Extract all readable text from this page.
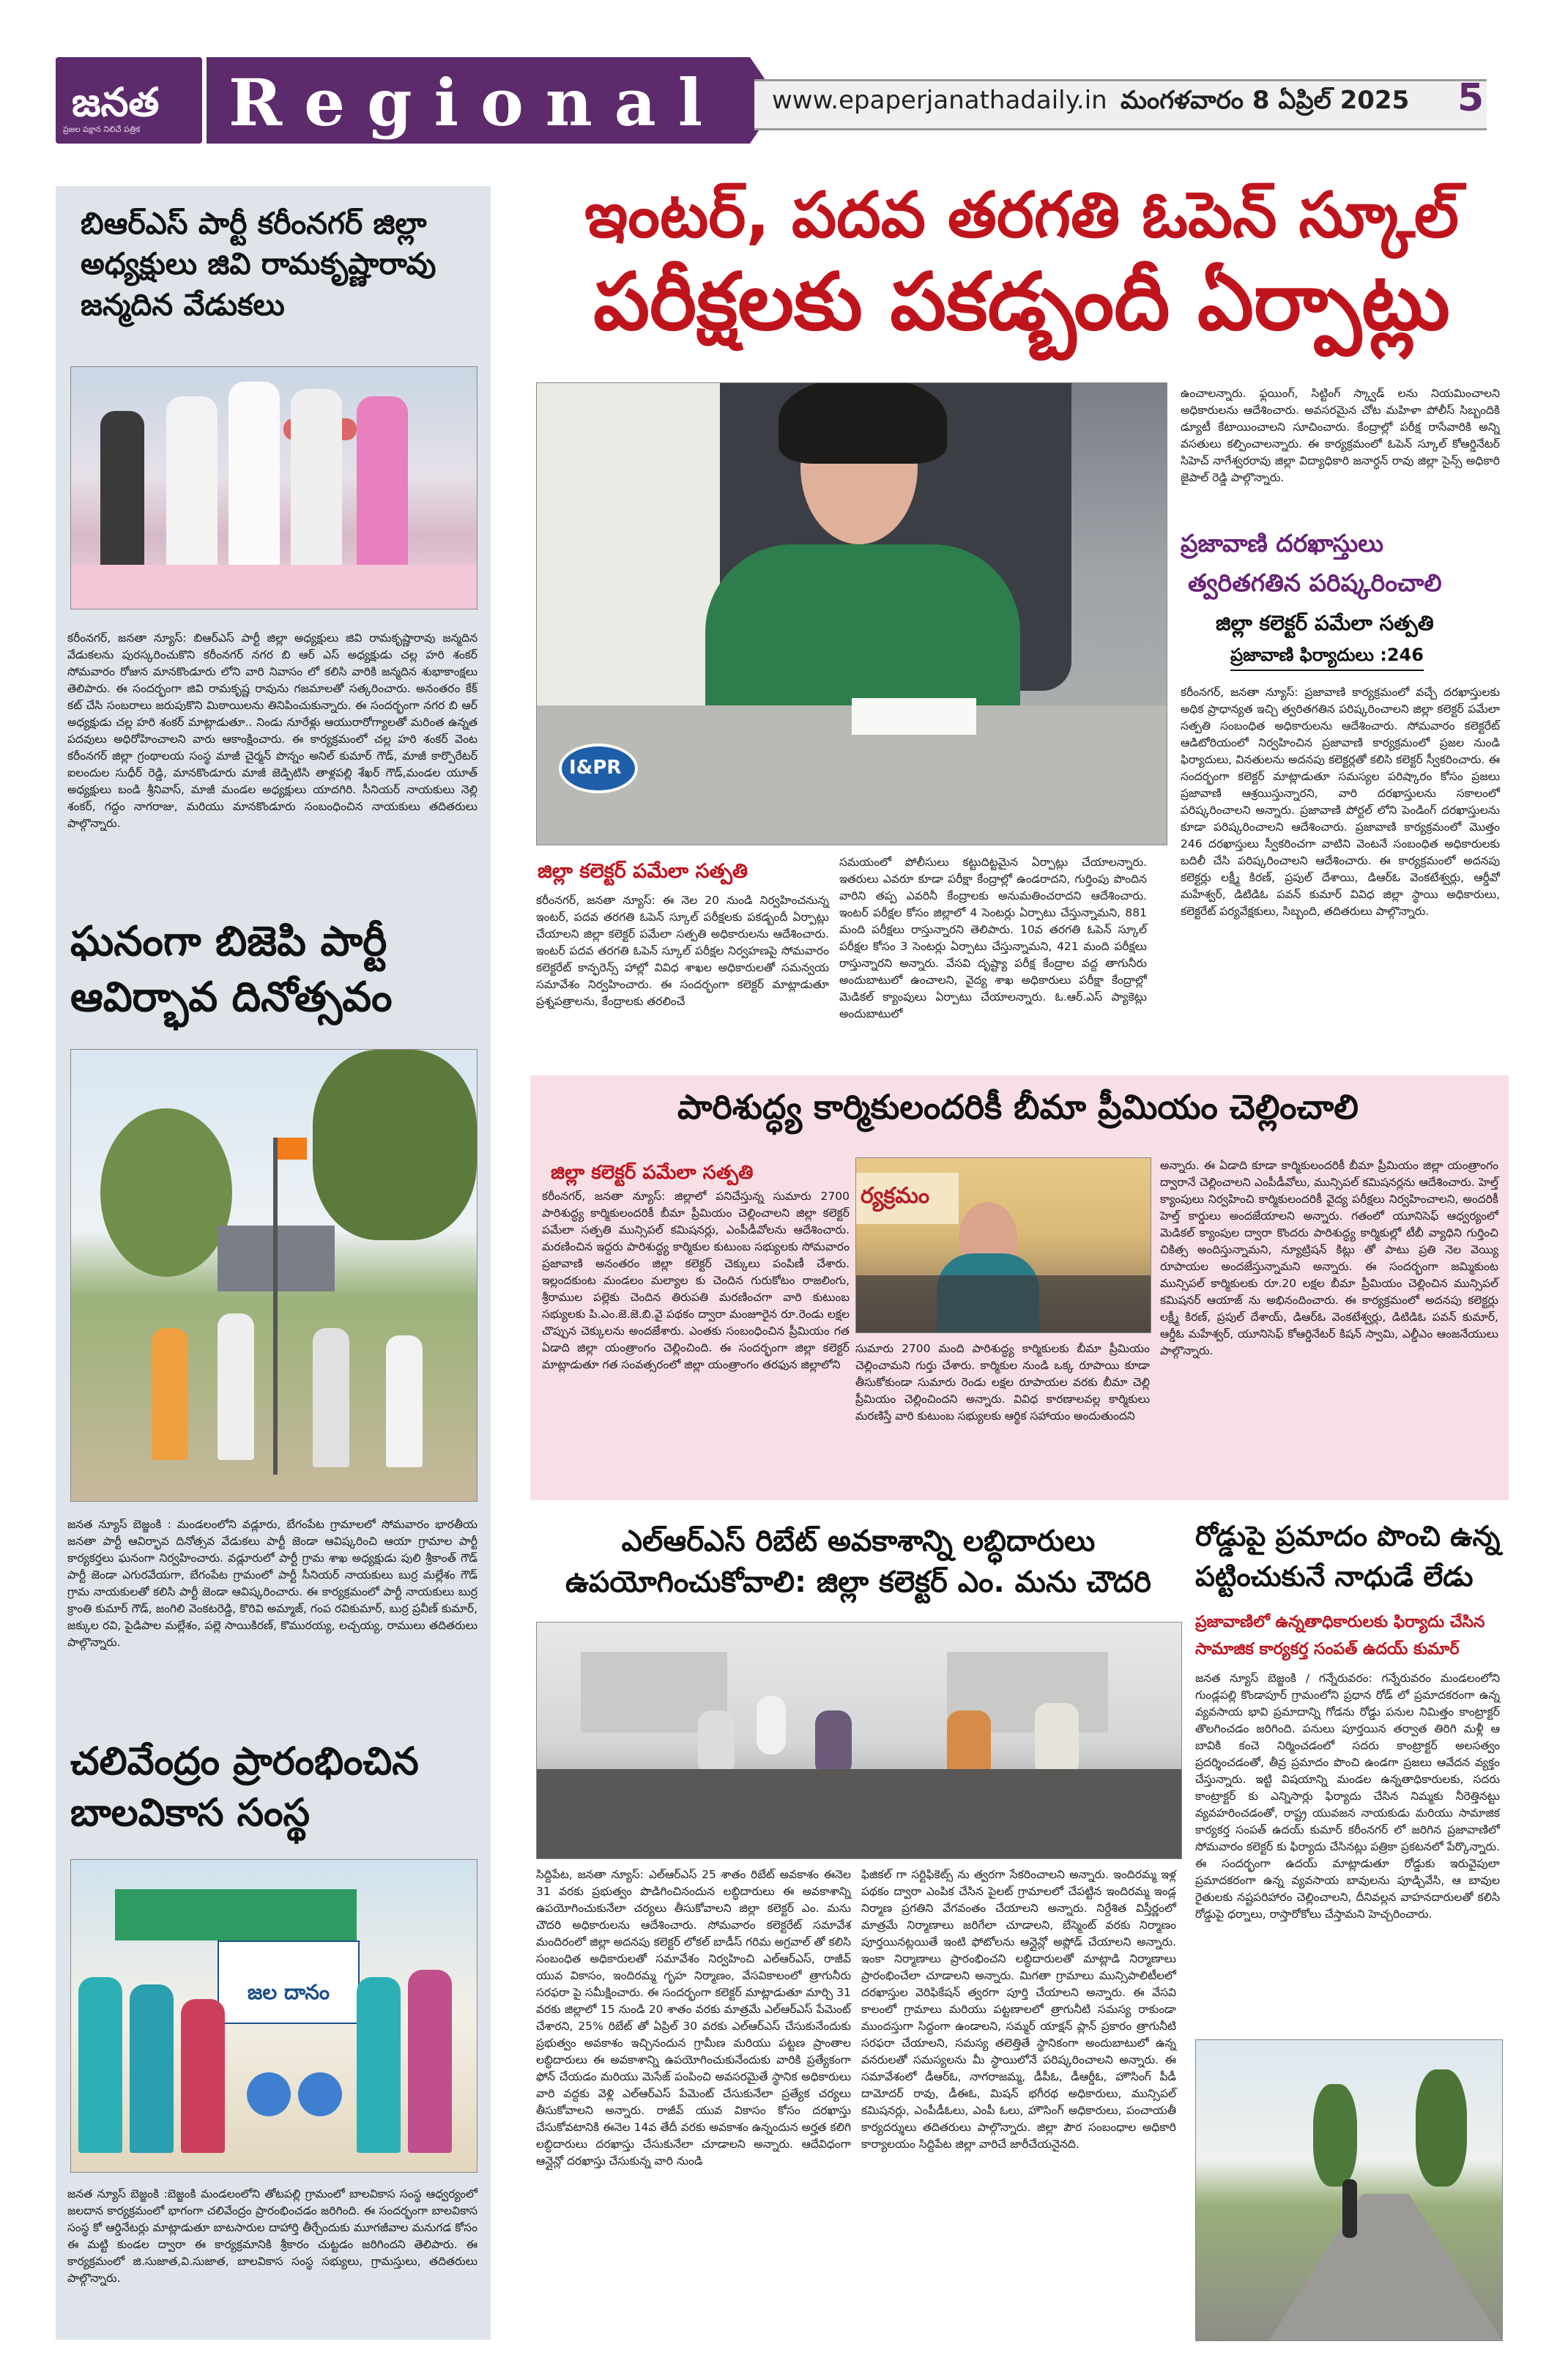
జనత
ప్రజల పక్షాన నిలిచే పత్రిక Regional www.epaperjanathadaily.in మంగళవారం 8 ఏప్రిల్ 2025 5
బిఆర్ఎస్ పార్టీ కరీంనగర్ జిల్లా అధ్యక్షులు జివి రామకృష్ణారావు జన్మదిన వేడుకలు
కరీంనగర్, జనతా న్యూస్: బిఆర్ఎస్ పార్టీ జిల్లా అధ్యక్షులు జివి రామకృష్ణారావు జన్మదిన వేడుకలను పురస్కరించుకొని కరీంనగర్ నగర బి ఆర్ ఎస్ అధ్యక్షుడు చల్ల హరి శంకర్ సోమవారం రోజున మానకొండూరు లోని వారి నివాసం లో కలిసి వారికి జన్మదిన శుభాకాంక్షలు తెలిపారు. ఈ సందర్భంగా జివి రామకృష్ణ రావును గజమాలతో సత్కరించారు. అనంతరం కేక్ కట్ చేసి సంబరాలు జరుపుకొని మిఠాయిలను తినిపించుకున్నారు. ఈ సందర్భంగా నగర బి ఆర్ అధ్యక్షుడు చల్ల హరి శంకర్ మాట్లాడుతూ.. నిండు నూరేళ్లు ఆయురారోగ్యాలతో మరింత ఉన్నత పదవులు అధిరోహించాలని వారు ఆకాంక్షించారు. ఈ కార్యక్రమంలో చల్ల హరి శంకర్ వెంట కరీంనగర్ జిల్లా గ్రంథాలయ సంస్థ మాజీ చైర్మన్ పొన్నం అనిల్ కుమార్ గౌడ్, మాజీ కార్పొరేటర్ ఐలందుల సుధీర్ రెడ్డి, మానకొండూరు మాజీ జెడ్పిటిసి తాళ్లపల్లి శేఖర్ గౌడ్,మండల యూత్ అధ్యక్షులు బండి శ్రీనివాస్, మాజీ మండల అధ్యక్షులు యాదగిరి. సీనియర్ నాయకులు నెల్లి శంకర్, గద్దం నాగరాజు, మరియు మానకొండూరు సంబంధించిన నాయకులు తదితరులు పాల్గొన్నారు.
ఘనంగా బిజెపి పార్టీ ఆవిర్భావ దినోత్సవం
జనత న్యూస్ బెజ్జంకి : మండలంలోని వడ్లూరు, బేగంపేట గ్రామాలలో సోమవారం భారతీయ జనతా పార్టీ ఆవిర్భావ దినోత్సవ వేడుకలు పార్టీ జెండా ఆవిష్కరించి ఆయా గ్రామాల పార్టీ కార్యకర్తలు ఘనంగా నిర్వహించారు. వడ్లూరులో పార్టీ గ్రామ శాఖ అధ్యక్షుడు పులి శ్రీకాంత్ గౌడ్ పార్టీ జెండా ఎగురవేయగా, బేగంపేట గ్రామంలో పార్టీ సీనియర్ నాయకులు బుర్ర మల్లేశం గౌడ్ గ్రామ నాయకులతో కలిసి పార్టీ జెండా ఆవిష్కరించారు. ఈ కార్యక్రమంలో పార్టీ నాయకులు బుర్ర క్రాంతి కుమార్ గౌడ్, జంగిలి వెంకటరెడ్డి, కొరివి అమ్మాజ్, గంప రవికుమార్, బుర్ర ప్రవీణ్ కుమార్, జక్కుల రవి, పైడిపాల మల్లేశం, పల్లె సాయికిరణ్, కొమురయ్య, లచ్చయ్య, రాములు తదితరులు పాల్గొన్నారు.
చలివేంద్రం ప్రారంభించిన బాలవికాస సంస్థ
జల దానం
జనత న్యూస్ బెజ్జంకి :బెజ్జంకి మండలంలోని తోటపల్లి గ్రామంలో బాలవికాస సంస్థ ఆధ్వర్యంలో జలదాన కార్యక్రమంలో భాగంగా చలివేంద్రం ప్రారంభించడం జరిగింది. ఈ సందర్భంగా బాలవికాస సంస్థ కో ఆర్డినేటర్లు మాట్లాడుతూ బాటసారుల దాహార్తి తీర్చేందుకు మూగజీవాల మనుగడ కోసం ఈ మట్టి కుండల ద్వారా ఈ కార్యక్రమానికి శ్రీకారం చుట్టడం జరిగిందని తెలిపారు. ఈ కార్యక్రమంలో జి.సుజాత,వి.సుజాత, బాలవికాస సంస్థ సభ్యులు, గ్రామస్తులు, తదితరులు పాల్గొన్నారు.
ఇంటర్, పదవ తరగతి ఓపెన్ స్కూల్
పరీక్షలకు పకడ్బందీ ఏర్పాట్లు
I&PR
జిల్లా కలెక్టర్ పమేలా సత్పతి
కరీంనగర్, జనతా న్యూస్: ఈ నెల 20 నుండి నిర్వహించనున్న ఇంటర్, పదవ తరగతి ఓపెన్ స్కూల్ పరీక్షలకు పకడ్బందీ ఏర్పాట్లు చేయాలని జిల్లా కలెక్టర్ పమేలా సత్పతి అధికారులను ఆదేశించారు. ఇంటర్ పదవ తరగతి ఓపెన్ స్కూల్ పరీక్షల నిర్వహణపై సోమవారం కలెక్టరేట్ కాన్ఫరెన్స్ హాల్లో వివిధ శాఖల అధికారులతో సమన్వయ సమావేశం నిర్వహించారు. ఈ సందర్భంగా కలెక్టర్ మాట్లాడుతూ ప్రశ్నపత్రాలను, కేంద్రాలకు తరలించే
సమయంలో పోలీసులు కట్టుదిట్టమైన ఏర్పాట్లు చేయాలన్నారు. ఇతరులు ఎవరూ కూడా పరీక్షా కేంద్రాల్లో ఉండరాదని, గుర్తింపు పొందిన వారిని తప్ప ఎవరినీ కేంద్రాలకు అనుమతించరాదని ఆదేశించారు. ఇంటర్ పరీక్షల కోసం జిల్లాలో 4 సెంటర్లు ఏర్పాటు చేస్తున్నామని, 881 మంది పరీక్షలు రాస్తున్నారని తెలిపారు. 10వ తరగతి ఓపెన్ స్కూల్ పరీక్షల కోసం 3 సెంటర్లు ఏర్పాటు చేస్తున్నామని, 421 మంది పరీక్షలు రాస్తున్నారని అన్నారు. వేసవి దృష్ట్యా పరీక్ష కేంద్రాల వద్ద తాగునీరు అందుబాటులో ఉంచాలని, వైద్య శాఖ అధికారులు పరీక్షా కేంద్రాల్లో మెడికల్ క్యాంపులు ఏర్పాటు చేయాలన్నారు. ఓ.ఆర్.ఎస్ ప్యాకెట్లు అందుబాటులో
ఉంచాలన్నారు. ఫ్లయింగ్, సిట్టింగ్ స్క్వాడ్ లను నియమించాలని అధికారులను ఆదేశించారు. అవసరమైన చోట మహిళా పోలీస్ సిబ్బందికి డ్యూటీ కేటాయించాలని సూచించారు. కేంద్రాల్లో పరీక్ష రాసేవారికి అన్ని వసతులు కల్పించాలన్నారు. ఈ కార్యక్రమంలో ఓపెన్ స్కూల్ కోఆర్డినేటర్ సిహెచ్ నాగేశ్వరరావు జిల్లా విద్యాధికారి జనార్ధన్ రావు జిల్లా సైన్స్ అధికారి జైపాల్ రెడ్డి పాల్గొన్నారు.
ప్రజావాణి దరఖాస్తులు
త్వరితగతిన పరిష్కరించాలి
జిల్లా కలెక్టర్ పమేలా సత్పతి
ప్రజావాణి ఫిర్యాదులు :246
కరీంనగర్, జనతా న్యూస్: ప్రజావాణి కార్యక్రమంలో వచ్చే దరఖాస్తులకు అధిక ప్రాధాన్యత ఇచ్చి త్వరితగతిన పరిష్కరించాలని జిల్లా కలెక్టర్ పమేలా సత్పతి సంబంధిత అధికారులను ఆదేశించారు. సోమవారం కలెక్టరేట్ ఆడిటోరియంలో నిర్వహించిన ప్రజావాణి కార్యక్రమంలో ప్రజల నుండి ఫిర్యాదులు, వినతులను అదనపు కలెక్టర్లతో కలిసి కలెక్టర్ స్వీకరించారు. ఈ సందర్భంగా కలెక్టర్ మాట్లాడుతూ సమస్యల పరిష్కారం కోసం ప్రజలు ప్రజావాణి ఆశ్రయిస్తున్నారని, వారి దరఖాస్తులను సకాలంలో పరిష్కరించాలని అన్నారు. ప్రజావాణి పోర్టల్ లోని పెండింగ్ దరఖాస్తులను కూడా పరిష్కరించాలని ఆదేశించారు. ప్రజావాణి కార్యక్రమంలో మొత్తం 246 దరఖాస్తులు స్వీకరించగా వాటిని వెంటనే సంబంధిత అధికారులకు బదిలీ చేసి పరిష్కరించాలని ఆదేశించారు. ఈ కార్యక్రమంలో అదనపు కలెక్టర్లు లక్ష్మీ కిరణ్, ప్రపుల్ దేశాయి, డిఆర్ఓ వెంకటేశ్వర్లు, ఆర్డీవో మహేశ్వర్, డిటిడిఓ పవన్ కుమార్ వివిధ జిల్లా స్థాయి అధికారులు, కలెక్టరేట్ పర్యవేక్షకులు, సిబ్బంది, తదితరులు పాల్గొన్నారు.
పారిశుద్ధ్య కార్మికులందరికీ బీమా ప్రీమియం చెల్లించాలి
జిల్లా కలెక్టర్ పమేలా సత్పతి
కరీంనగర్, జనతా న్యూస్: జిల్లాలో పనిచేస్తున్న సుమారు 2700 పారిశుద్ధ్య కార్మికులందరికీ బీమా ప్రీమియం చెల్లించాలని జిల్లా కలెక్టర్ పమేలా సత్పతి మున్సిపల్ కమిషనర్లు, ఎంపీడీవోలను ఆదేశించారు. మరణించిన ఇద్దరు పారిశుద్ధ్య కార్మికుల కుటుంబ సభ్యులకు సోమవారం ప్రజావాణి అనంతరం జిల్లా కలెక్టర్ చెక్కులు పంపిణీ చేశారు. ఇల్లందకుంట మండలం మల్యాల కు చెందిన గురుకోటం రాజలింగు, శ్రీరాముల పల్లెకు చెందిన తిరుపతి మరణించగా వారి కుటుంబ సభ్యులకు పి.ఎం.జె.జె.బి.వై పథకం ద్వారా మంజూరైన రూ.రెండు లక్షల చొప్పున చెక్కులను అందజేశారు. ఎంతకు సంబంధించిన ప్రీమియం గత ఏడాది జిల్లా యంత్రాంగం చెల్లించింది. ఈ సందర్భంగా జిల్లా కలెక్టర్ మాట్లాడుతూ గత సంవత్సరంలో జిల్లా యంత్రాంగం తరఫున జిల్లాలోని
ర్యక్రమం
సుమారు 2700 మంది పారిశుద్ధ్య కార్మికులకు బీమా ప్రీమియం చెల్లించామని గుర్తు చేశారు. కార్మికుల నుండి ఒక్క రూపాయి కూడా తీసుకోకుండా సుమారు రెండు లక్షల రూపాయల వరకు బీమా చెల్లి ప్రీమియం చెల్లించిందని అన్నారు. వివిధ కారణాలవల్ల కార్మికులు మరణిస్తే వారి కుటుంబ సభ్యులకు ఆర్థిక సహాయం అందుతుందని
అన్నారు. ఈ ఏడాది కూడా కార్మికులందరికీ బీమా ప్రీమియం జిల్లా యంత్రాంగం ద్వారానే చెల్లించాలని ఎంపీడీవోలు, మున్సిపల్ కమిషనర్లను ఆదేశించారు. హెల్త్ క్యాంపులు నిర్వహించి కార్మికులందరికీ వైద్య పరీక్షలు నిర్వహించాలని, అందరికీ హెల్త్ కార్డులు అందజేయాలని అన్నారు. గతంలో యూనిసెఫ్ ఆధ్వర్యంలో మెడికల్ క్యాంపుల ద్వారా కొందరు పారిశుద్ధ్య కార్మికుల్లో టీబీ వ్యాధిని గుర్తించి చికిత్స అందిస్తున్నామని, న్యూట్రిషన్ కిట్లు తో పాటు ప్రతి నెల వెయ్యి రూపాయల అందజేస్తున్నామని అన్నారు. ఈ సందర్భంగా జమ్మికుంట మున్సిపల్ కార్మికులకు రూ.20 లక్షల బీమా ప్రీమియం చెల్లించిన మున్సిపల్ కమిషనర్ ఆయాజ్ ను అభినందించారు. ఈ కార్యక్రమంలో అదనపు కలెక్టర్లు లక్ష్మీ కిరణ్, ప్రపుల్ దేశాయ్, డిఆర్ఓ వెంకటేశ్వర్లు, డిటిడిఓ పవన్ కుమార్, ఆర్డీఓ మహేశ్వర్, యూనిసెఫ్ కోఆర్డినేటర్ కిషన్ స్వామి, ఎల్డీఎం ఆంజనేయులు పాల్గొన్నారు.
ఎల్ఆర్ఎస్ రిబేట్ అవకాశాన్ని లబ్ధిదారులు ఉపయోగించుకోవాలి: జిల్లా కలెక్టర్ ఎం. మను చౌదరి
సిద్దిపేట, జనతా న్యూస్: ఎల్ఆర్ఎస్ 25 శాతం రిబేట్ అవకాశం ఈనెల 31 వరకు ప్రభుత్వం పొడిగించినందున లబ్ధిదారులు ఈ అవకాశాన్ని ఉపయోగించుకునేలా చర్యలు తీసుకోవాలని జిల్లా కలెక్టర్ ఎం. మను చౌదరి అధికారులను ఆదేశించారు. సోమవారం కలెక్టరేట్ సమావేశ మందిరంలో జిల్లా అదనపు కలెక్టర్ లోకల్ బాడీస్ గరిమ అగ్రవాల్ తో కలిసి సంబంధిత అధికారులతో సమావేశం నిర్వహించి ఎల్ఆర్ఎస్, రాజీవ్ యువ వికాసం, ఇందిరమ్మ గృహ నిర్మాణం, వేసవికాలంలో త్రాగునీరు సరఫరా పై సమీక్షించారు. ఈ సందర్భంగా కలెక్టర్ మాట్లాడుతూ మార్చి 31 వరకు జిల్లాలో 15 నుండి 20 శాతం వరకు మాత్రమే ఎల్ఆర్ఎస్ పేమెంట్ చేశారని, 25% రిబేట్ తో ఏప్రిల్ 30 వరకు ఎల్ఆర్ఎస్ చేసుకునేందుకు ప్రభుత్వం అవకాశం ఇచ్చినందున గ్రామీణ మరియు పట్టణ ప్రాంతాల లబ్ధిదారులు ఈ అవకాశాన్ని ఉపయోగించుకునేందుకు వారికి ప్రత్యేకంగా ఫోన్ చేయడం మరియు మెసేజ్ పంపించి అవసరమైతే స్థానిక అధికారులు వారి వద్దకు వెళ్లి ఎల్ఆర్ఎస్ పేమెంట్ చేసుకునేలా ప్రత్యేక చర్యలు తీసుకోవాలని అన్నారు. రాజీవ్ యువ వికాసం కోసం దరఖాస్తు చేసుకోవటానికి ఈనెల 14వ తేదీ వరకు అవకాశం ఉన్నందున అర్హత కలిగి లబ్ధిదారులు దరఖాస్తు చేసుకునేలా చూడాలని అన్నారు. ఆదేవిధంగా ఆన్లైన్లో దరఖాస్తు చేసుకున్న వారి నుండి
ఫిజికల్ గా సర్టిఫికెట్స్ ను త్వరగా సేకరించాలని అన్నారు. ఇందిరమ్మ ఇళ్ల పథకం ద్వారా ఎంపిక చేసిన పైలట్ గ్రామాలలో చేపట్టిన ఇందిరమ్మ ఇండ్ల నిర్మాణ ప్రగతిని వేగవంతం చేయాలని అన్నారు. నిర్దేశిత విస్తీర్ణంలో మాత్రమే నిర్మాణాలు జరిగేలా చూడాలని, బేస్మెంట్ వరకు నిర్మాణం పూర్తయినట్లయితే ఇంటి ఫోటోలను ఆన్లైన్లో అప్లోడ్ చేయాలని అన్నారు. ఇంకా నిర్మాణాలు ప్రారంభించని లబ్ధిదారులతో మాట్లాడి నిర్మాణాలు ప్రారంభించేలా చూడాలని అన్నారు. మిగతా గ్రామాలు మున్సిపాలిటీలలో దరఖాస్తుల వెరిఫికేషన్ త్వరగా పూర్తి చేయాలని అన్నారు. ఈ వేసవి కాలంలో గ్రామాలు మరియు పట్టణాలలో త్రాగునీటి సమస్య రాకుండా ముందస్తుగా సిద్ధంగా ఉండాలని, సమ్మర్ యాక్షన్ ప్లాన్ ప్రకారం త్రాగునీటి సరఫరా చేయాలని, సమస్య తలెత్తితే స్థానికంగా అందుబాటులో ఉన్న వనరులతో సమస్యలను మీ స్థాయిలోనే పరిష్కరించాలని అన్నారు. ఈ సమావేశంలో డీఆర్ఓ, నాగరాజమ్మ, డీపీఓ, డీఆర్డీఓ, హౌసింగ్ పీడీ దామోదర్ రావు, డీఈఓ, మిషన్ భగీరథ అధికారులు, మున్సిపల్ కమిషనర్లు, ఎంపీడీఓలు, ఎంపీ ఓలు, హౌసింగ్ అధికారులు, పంచాయతీ కార్యదర్శులు తదితరులు పాల్గొన్నారు. జిల్లా పౌర సంబంధాల అధికారి కార్యాలయం సిద్దిపేట జిల్లా వారిచే జారీచేయనైనది.
రోడ్డుపై ప్రమాదం పొంచి ఉన్న పట్టించుకునే నాధుడే లేడు
ప్రజావాణిలో ఉన్నతాధికారులకు ఫిర్యాదు చేసిన సామాజిక కార్యకర్త సంపత్ ఉదయ్ కుమార్
జనత న్యూస్ బెజ్జంకి / గన్నేరువరం: గన్నేరువరం మండలంలోని గుండ్లపల్లి కొండాపూర్ గ్రామంలోని ప్రధాన రోడ్ లో ప్రమాదకరంగా ఉన్న వ్యవసాయ భావి ప్రమాదాన్ని గోడను రోడ్డు పనుల నిమిత్తం కాంట్రాక్టర్ తొలగించడం జరిగింది. పనులు పూర్తయిన తర్వాత తిరిగి మళ్లీ ఆ బావికి కంచె నిర్మించడంలో సదరు కాంట్రాక్టర్ అలసత్వం ప్రదర్శించడంతో, తీవ్ర ప్రమాదం పొంచి ఉండగా ప్రజలు ఆవేదన వ్యక్తం చేస్తున్నారు. ఇట్టి విషయాన్ని మండల ఉన్నతాధికారులకు, సదరు కాంట్రాక్టర్ కు ఎన్నిసార్లు ఫిర్యాదు చేసిన నిమ్మకు నీరెత్తినట్టు వ్యవహరించడంతో, రాష్ట్ర యువజన నాయకుడు మరియు సామాజిక కార్యకర్త సంపత్ ఉదయ్ కుమార్ కరీంనగర్ లో జరిగిన ప్రజావాణిలో సోమవారం కలెక్టర్ కు ఫిర్యాదు చేసినట్లు పత్రికా ప్రకటనలో పేర్కొన్నారు. ఈ సందర్భంగా ఉదయ్ మాట్లాడుతూ రోడ్డుకు ఇరువైపులా ప్రమాదకరంగా ఉన్న వ్యవసాయ బావులను పూడ్చివేసి, ఆ బావుల రైతులకు నష్టపరిహారం చెల్లించాలని, దీనివల్లన వాహనదారులతో కలిసి రోడ్డుపై ధర్నాలు, రాస్తారోకోలు చేస్తామని హెచ్చరించారు.
